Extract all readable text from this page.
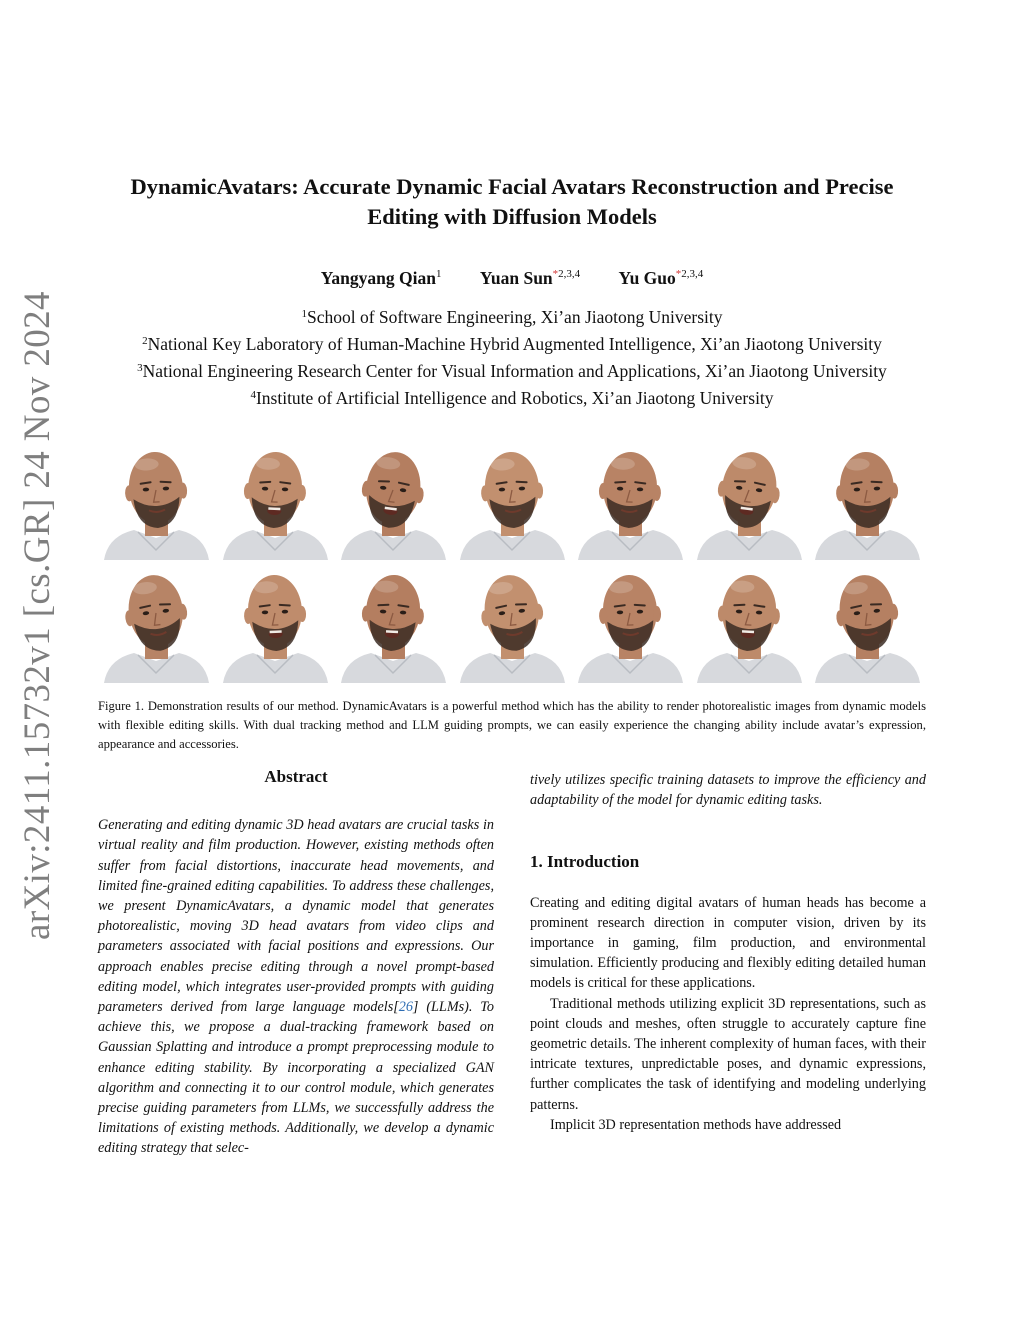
arXiv:2411.15732v1 [cs.GR] 24 Nov 2024
DynamicAvatars: Accurate Dynamic Facial Avatars Reconstruction and Precise
Editing with Diffusion Models
Yangyang Qian$^1$ Yuan Sun$^{*2,3,4}$ Yu Guo$^{*2,3,4}$
$^1$School of Software Engineering, Xi’an Jiaotong University
$^2$National Key Laboratory of Human-Machine Hybrid Augmented Intelligence, Xi’an Jiaotong University
$^3$National Engineering Research Center for Visual Information and Applications, Xi’an Jiaotong University
$^4$Institute of Artificial Intelligence and Robotics, Xi’an Jiaotong University
Figure 1. Demonstration results of our method. DynamicAvatars is a powerful method which has the ability to render photorealistic images from dynamic models with flexible editing skills. With dual tracking method and LLM guiding prompts, we can easily experience the changing ability include avatar’s expression, appearance and accessories.
Abstract

Generating and editing dynamic 3D head avatars are crucial tasks in virtual reality and film production. However, existing methods often suffer from facial distortions, inaccurate head movements, and limited fine-grained editing capabilities. To address these challenges, we present DynamicAvatars, a dynamic model that generates photorealistic, moving 3D head avatars from video clips and parameters associated with facial positions and expressions. Our approach enables precise editing through a novel prompt-based editing model, which integrates user-provided prompts with guiding parameters derived from large language models[26] (LLMs). To achieve this, we propose a dual-tracking framework based on Gaussian Splatting and introduce a prompt preprocessing module to enhance editing stability. By incorporating a specialized GAN algorithm and connecting it to our control module, which generates precise guiding parameters from LLMs, we successfully address the limitations of existing methods. Additionally, we develop a dynamic editing strategy that selec-

tively utilizes specific training datasets to improve the efficiency and adaptability of the model for dynamic editing tasks.

1. Introduction

Creating and editing digital avatars of human heads has become a prominent research direction in computer vision, driven by its importance in gaming, film production, and environmental simulation. Efficiently producing and flexibly editing detailed human models is critical for these applications.

Traditional methods utilizing explicit 3D representations, such as point clouds and meshes, often struggle to accurately capture fine geometric details. The inherent complexity of human faces, with their intricate textures, unpredictable poses, and dynamic expressions, further complicates the task of identifying and modeling underlying patterns.

Implicit 3D representation methods have addressed
